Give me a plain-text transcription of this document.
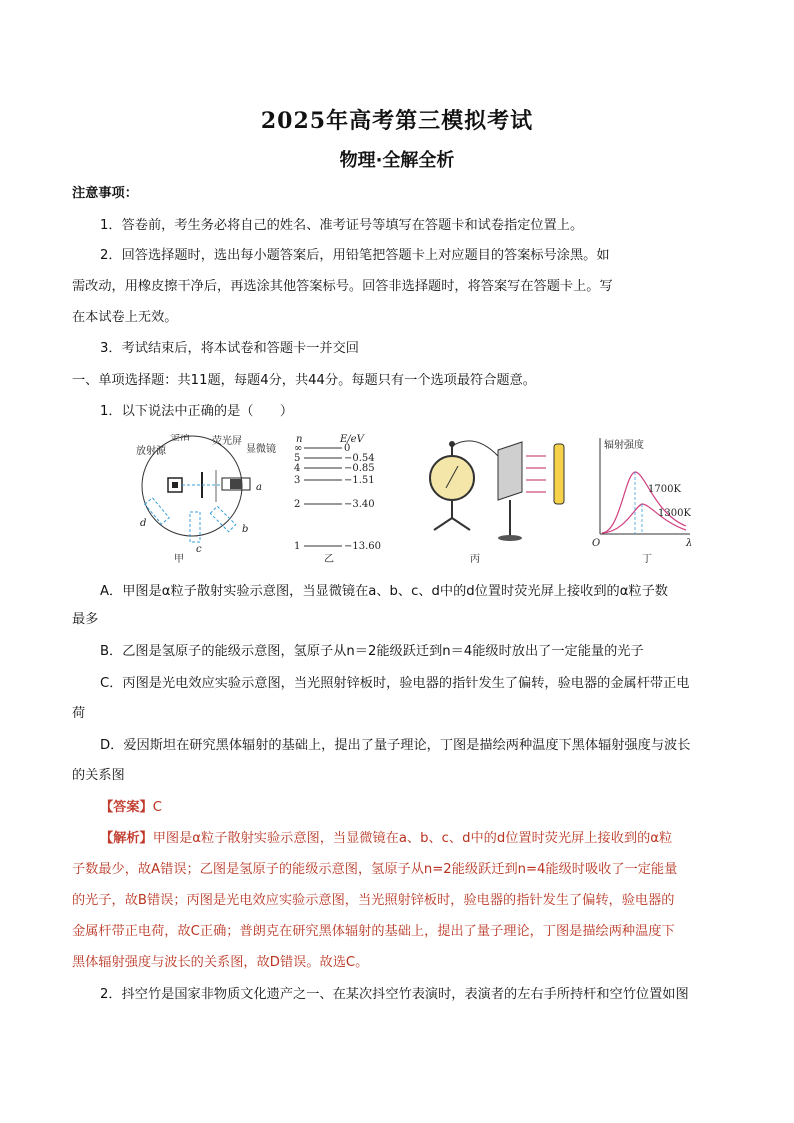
2025年高考第三模拟考试
物理·全解全析
注意事项：
1．答卷前，考生务必将自己的姓名、准考证号等填写在答题卡和试卷指定位置上。
2．回答选择题时，选出每小题答案后，用铅笔把答题卡上对应题目的答案标号涂黑。如
需改动，用橡皮擦干净后，再选涂其他答案标号。回答非选择题时，将答案写在答题卡上。写
在本试卷上无效。
3．考试结束后，将本试卷和答题卡一并交回
一、单项选择题：共11题，每题4分，共44分。每题只有一个选项最符合题意。
1．以下说法中正确的是（　　）
放射源
金箔 荧光屏
显微镜
a
b
c
d
甲
n	E/eV
∞	0
5	−0.54
4	−0.85
3	−1.51
2	−3.40
1	−13.60
乙	丙
辐射强度
1700K
1300K
O	λ
丁
A．甲图是α粒子散射实验示意图，当显微镜在a、b、c、d中的d位置时荧光屏上接收到的α粒子数
最多
B．乙图是氢原子的能级示意图，氢原子从n＝2能级跃迁到n＝4能级时放出了一定能量的光子
C．丙图是光电效应实验示意图，当光照射锌板时，验电器的指针发生了偏转，验电器的金属杆带正电
荷
D．爱因斯坦在研究黑体辐射的基础上，提出了量子理论，丁图是描绘两种温度下黑体辐射强度与波长
的关系图
【答案】C
【解析】甲图是α粒子散射实验示意图，当显微镜在a、b、c、d中的d位置时荧光屏上接收到的α粒
子数最少，故A错误；乙图是氢原子的能级示意图，氢原子从n=2能级跃迁到n=4能级时吸收了一定能量
的光子，故B错误；丙图是光电效应实验示意图，当光照射锌板时，验电器的指针发生了偏转，验电器的
金属杆带正电荷，故C正确；普朗克在研究黑体辐射的基础上，提出了量子理论，丁图是描绘两种温度下
黑体辐射强度与波长的关系图，故D错误。故选C。
2．抖空竹是国家非物质文化遗产之一、在某次抖空竹表演时，表演者的左右手所持杆和空竹位置如图
